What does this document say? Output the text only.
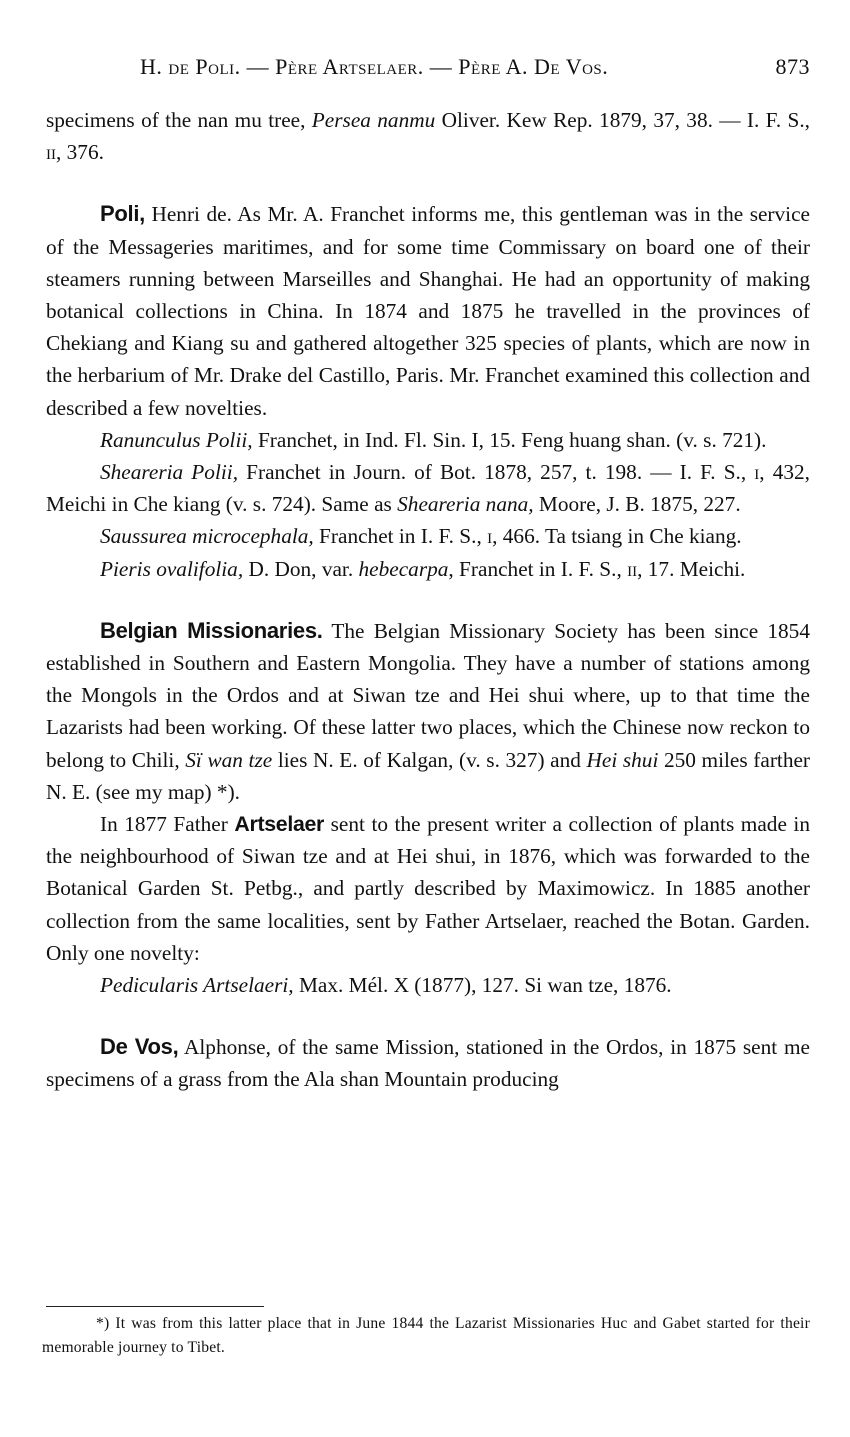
H. de Poli. — Père Artselaer. — Père A. De Vos.	873

specimens of the nan mu tree, Persea nanmu Oliver. Kew Rep. 1879, 37, 38. — I. F. S., ii, 376.

Poli, Henri de. As Mr. A. Franchet informs me, this gentleman was in the service of the Messageries maritimes, and for some time Commissary on board one of their steamers running between Marseilles and Shanghai. He had an opportunity of making botanical collections in China. In 1874 and 1875 he travelled in the provinces of Chekiang and Kiang su and gathered altogether 325 species of plants, which are now in the herbarium of Mr. Drake del Castillo, Paris. Mr. Franchet examined this collection and described a few novelties.

Ranunculus Polii, Franchet, in Ind. Fl. Sin. I, 15. Feng huang shan. (v. s. 721).

Sheareria Polii, Franchet in Journ. of Bot. 1878, 257, t. 198. — I. F. S., i, 432, Meichi in Che kiang (v. s. 724). Same as Sheareria nana, Moore, J. B. 1875, 227.

Saussurea microcephala, Franchet in I. F. S., i, 466. Ta tsiang in Che kiang.

Pieris ovalifolia, D. Don, var. hebecarpa, Franchet in I. F. S., ii, 17. Meichi.

Belgian Missionaries. The Belgian Missionary Society has been since 1854 established in Southern and Eastern Mongolia. They have a number of stations among the Mongols in the Ordos and at Siwan tze and Hei shui where, up to that time the Lazarists had been working. Of these latter two places, which the Chinese now reckon to belong to Chili, Sï wan tze lies N. E. of Kalgan, (v. s. 327) and Hei shui 250 miles farther N. E. (see my map) *).

In 1877 Father Artselaer sent to the present writer a collection of plants made in the neighbourhood of Siwan tze and at Hei shui, in 1876, which was forwarded to the Botanical Garden St. Petbg., and partly described by Maximowicz. In 1885 another collection from the same localities, sent by Father Artselaer, reached the Botan. Garden. Only one novelty:

Pedicularis Artselaeri, Max. Mél. X (1877), 127. Si wan tze, 1876.

De Vos, Alphonse, of the same Mission, stationed in the Ordos, in 1875 sent me specimens of a grass from the Ala shan Mountain producing

*) It was from this latter place that in June 1844 the Lazarist Missionaries Huc and Gabet started for their memorable journey to Tibet.
